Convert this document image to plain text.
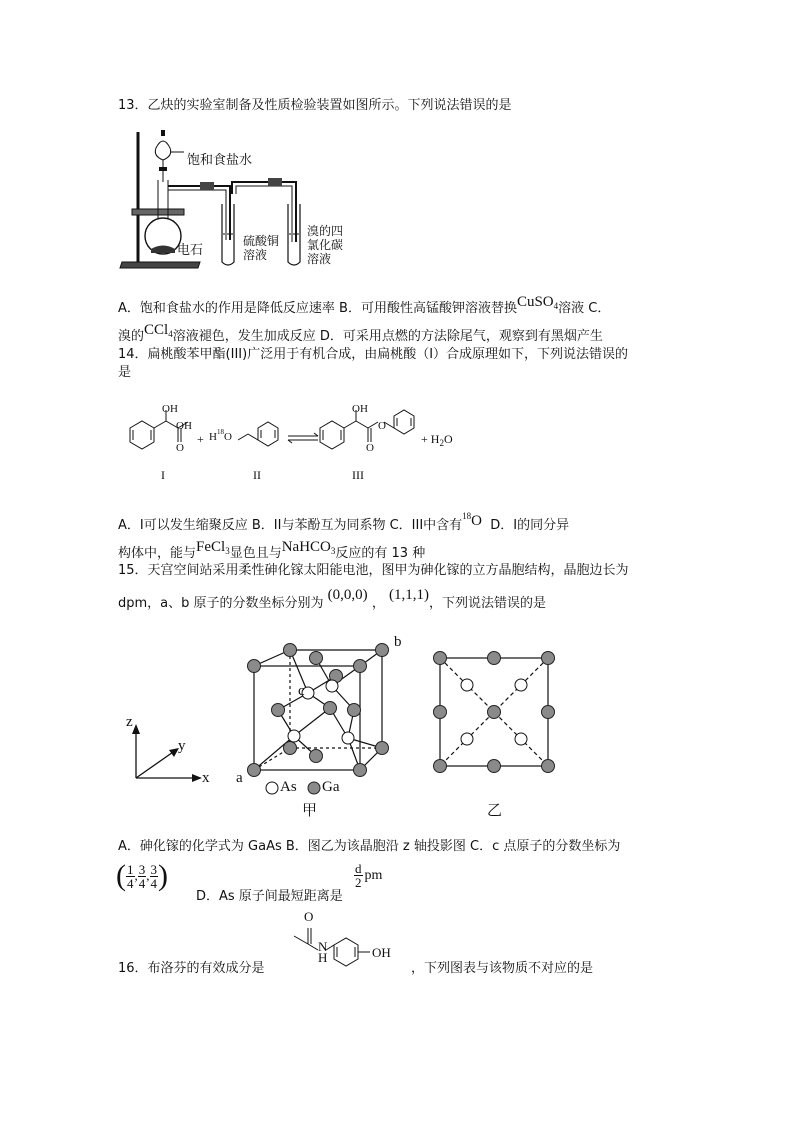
13．乙炔的实验室制备及性质检验装置如图所示。下列说法错误的是
饱和食盐水
电石
硫酸铜
溶液
溴的四
氯化碳
溶液
A．饱和食盐水的作用是降低反应速率 B．可用酸性高锰酸钾溶液替换CuSO$_4$溶液 C．
溴的CCl$_4$溶液褪色，发生加成反应 D．可采用点燃的方法除尾气，观察到有黑烟产生
14．扁桃酸苯甲酯(III)广泛用于有机合成，由扁桃酸（I）合成原理如下，下列说法错误的
是
OH
OH
O
+ $H^{18}O$
OH
O
O
+ $H_2O$
I	II	III
A．I可以发生缩聚反应 B．II与苯酚互为同系物 C．III中含有$^{18}$O D．I的同分异
构体中，能与FeCl$_3$显色且与NaHCO$_3$反应的有 13 种
15．天宫空间站采用柔性砷化镓太阳能电池，图甲为砷化镓的立方晶胞结构，晶胞边长为
dpm，a、b 原子的分数坐标分别为 (0,0,0) ， (1,1,1)，下列说法错误的是
z
y
x a
b
c
As Ga
甲	乙
A．砷化镓的化学式为 GaAs B．图乙为该晶胞沿 z 轴投影图 C．c 点原子的分数坐标为
( $\frac{1}{4}$ , $\frac{3}{4}$ , $\frac{3}{4}$ )
D．As 原子间最短距离是
$\frac{d}{2}$ pm
16．布洛芬的有效成分是
O
N
H	OH
，下列图表与该物质不对应的是
